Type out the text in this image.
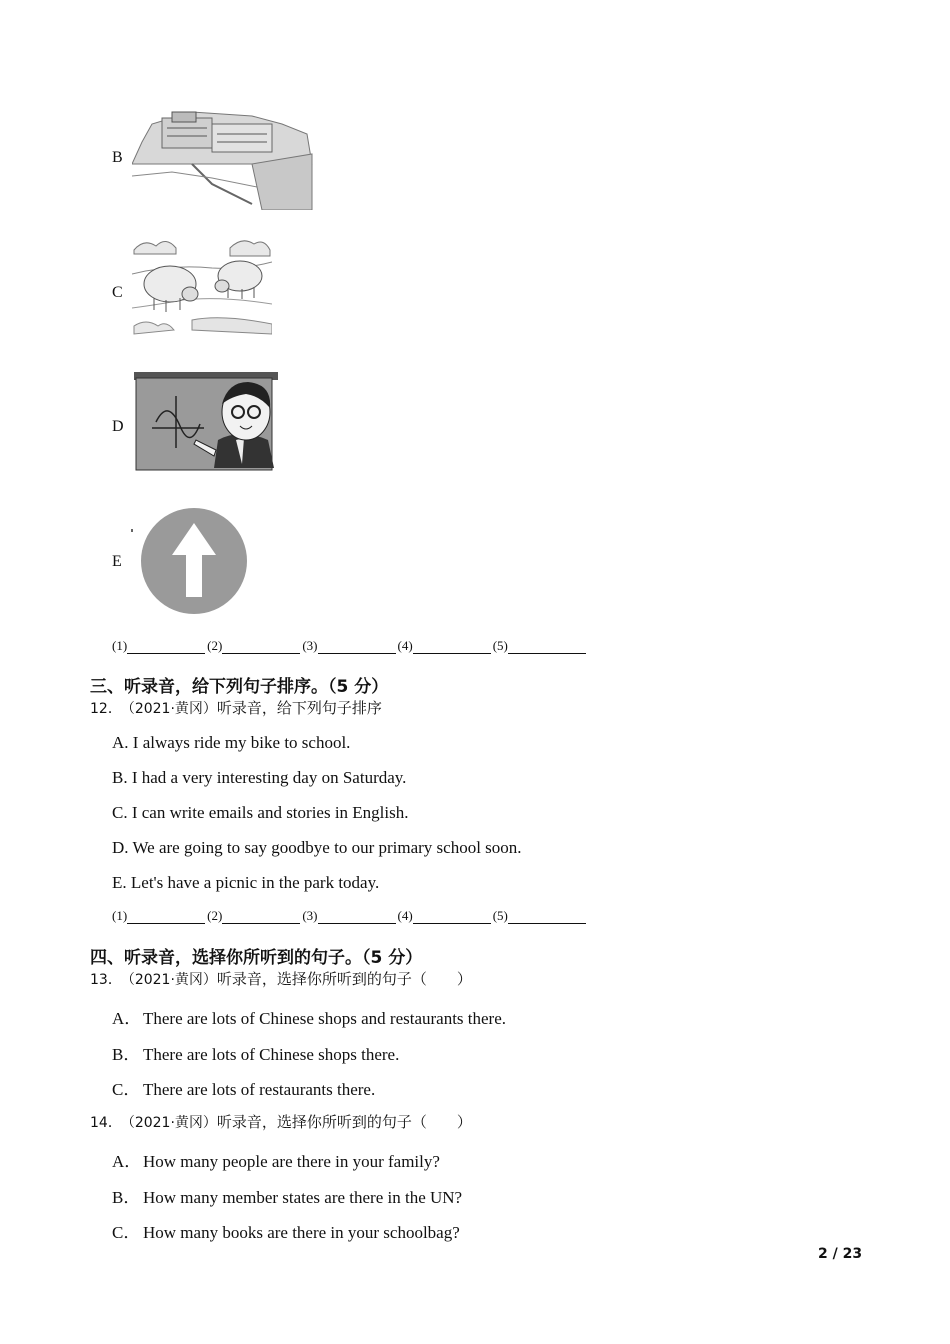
B
C
D
E
(1)	(2)	(3)	(4)	(5)
三、听录音，给下列句子排序。（5 分）
12． （2021·黄冈）听录音，给下列句子排序
A. I always ride my bike to school.
B. I had a very interesting day on Saturday.
C. I can write emails and stories in English.
D. We are going to say goodbye to our primary school soon.
E. Let's have a picnic in the park today.
(1)	(2)	(3)	(4)	(5)
四、听录音，选择你所听到的句子。（5 分）
13． （2021·黄冈）听录音，选择你所听到的句子（　　）
A． There are lots of Chinese shops and restaurants there.
B． There are lots of Chinese shops there.
C． There are lots of restaurants there.
14． （2021·黄冈）听录音，选择你所听到的句子（　　）
A． How many people are there in your family?
B． How many member states are there in the UN?
C． How many books are there in your schoolbag?
2 / 23
